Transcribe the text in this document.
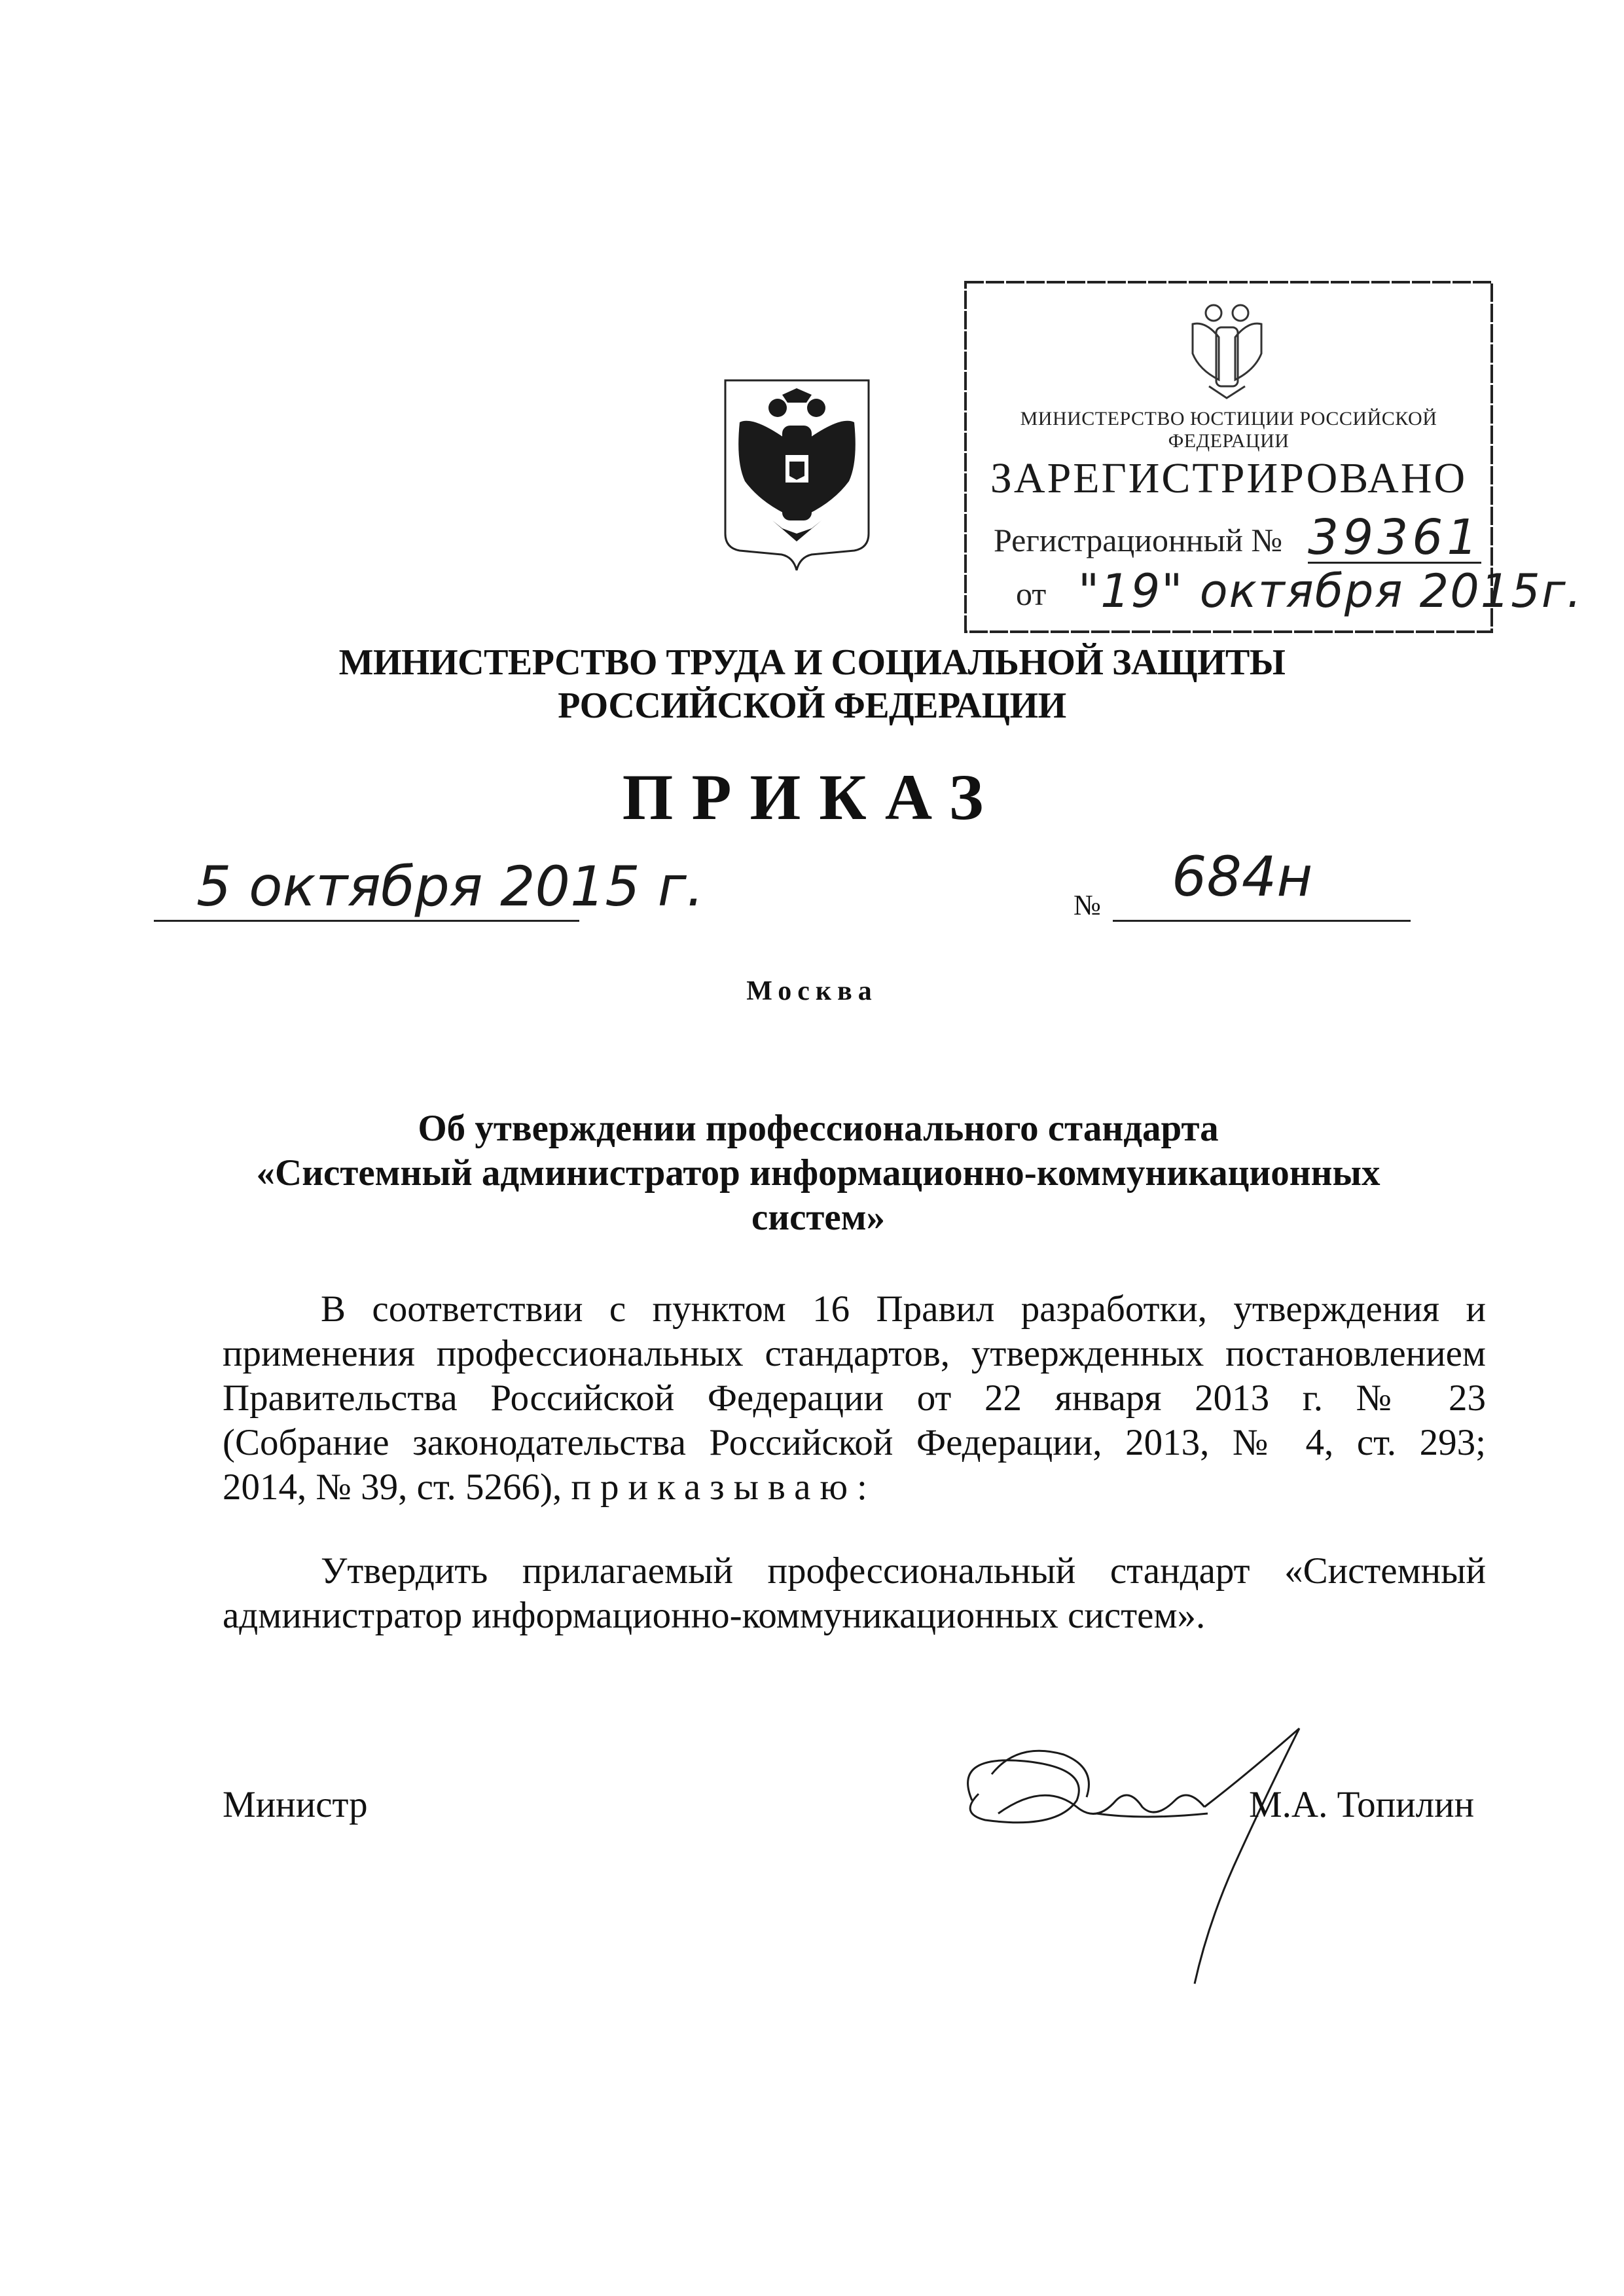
МИНИСТЕРСТВО ЮСТИЦИИ РОССИЙСКОЙ ФЕДЕРАЦИИ
ЗАРЕГИСТРИРОВАНО
Регистрационный № 39361
от "19" октября 2015г.
МИНИСТЕРСТВО ТРУДА И СОЦИАЛЬНОЙ ЗАЩИТЫ
РОССИЙСКОЙ ФЕДЕРАЦИИ
ПРИКАЗ
5 октября 2015 г.	№ 684н
Москва
Об утверждении профессионального стандарта
«Системный администратор информационно-коммуникационных
систем»
В соответствии с пунктом 16 Правил разработки, утверждения и
применения профессиональных стандартов, утвержденных постановлением
Правительства Российской Федерации от 22 января 2013 г. № 23
(Собрание законодательства Российской Федерации, 2013, № 4, ст. 293;
2014, № 39, ст. 5266), приказываю:
Утвердить прилагаемый профессиональный стандарт «Системный
администратор информационно-коммуникационных систем».
Министр	М.А. Топилин
